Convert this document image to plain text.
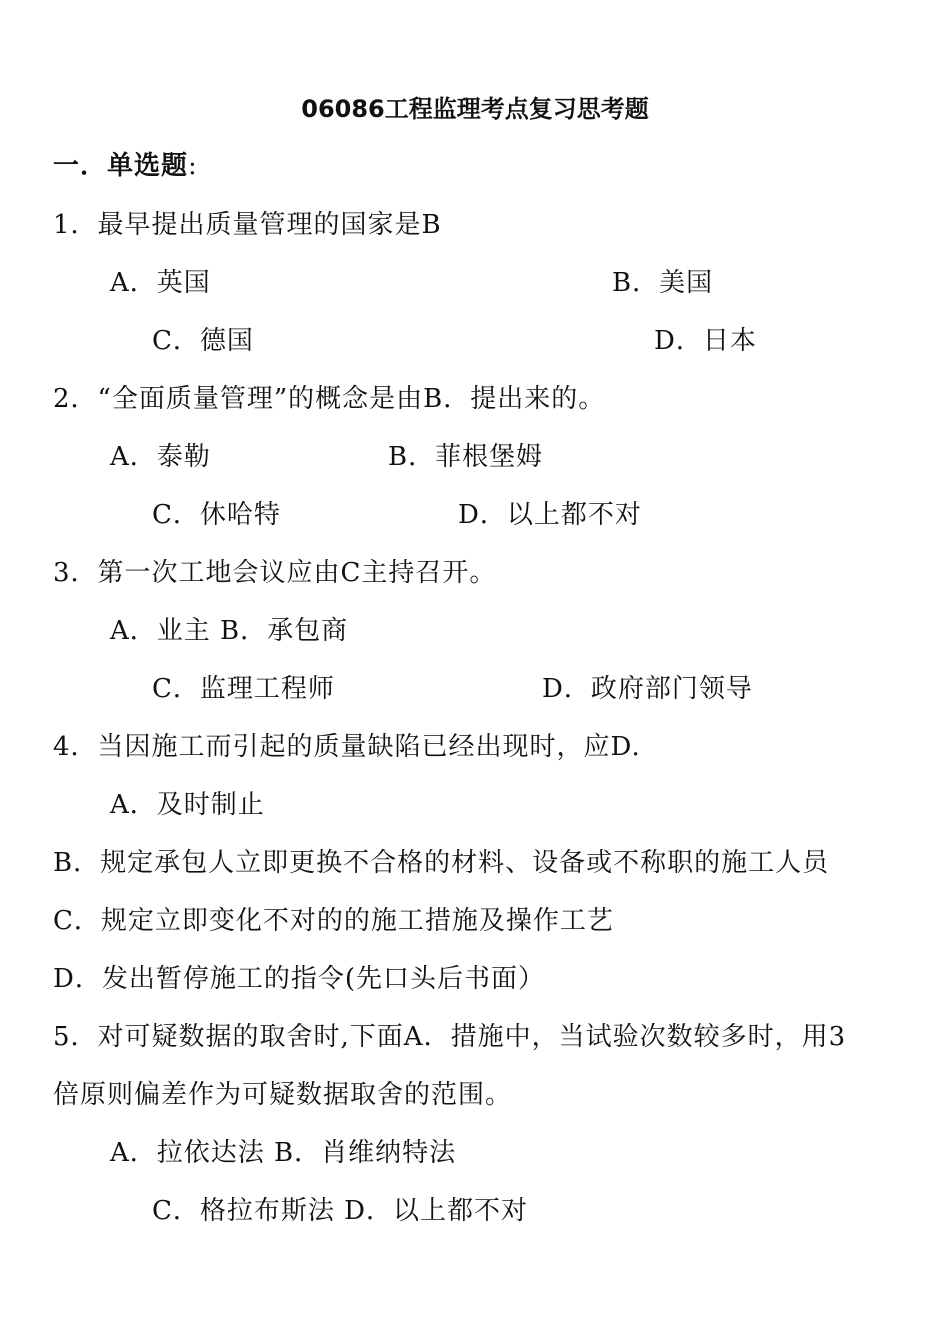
06086工程监理考点复习思考题
一．单选题:
1．最早提出质量管理的国家是B
A．英国	B．美国
C．德国	D．日本
2．“全面质量管理”的概念是由B．提出来的。
A．泰勒	B．菲根堡姆
C．休哈特	D．以上都不对
3．第一次工地会议应由C主持召开。
A．业主 B．承包商
C．监理工程师	D．政府部门领导
4．当因施工而引起的质量缺陷已经出现时，应D.
A．及时制止
B．规定承包人立即更换不合格的材料、设备或不称职的施工人员
C．规定立即变化不对的的施工措施及操作工艺
D．发出暂停施工的指令(先口头后书面）
5．对可疑数据的取舍时,下面A．措施中，当试验次数较多时，用3
倍原则偏差作为可疑数据取舍的范围。
A．拉依达法 B．肖维纳特法
C．格拉布斯法 D．以上都不对
